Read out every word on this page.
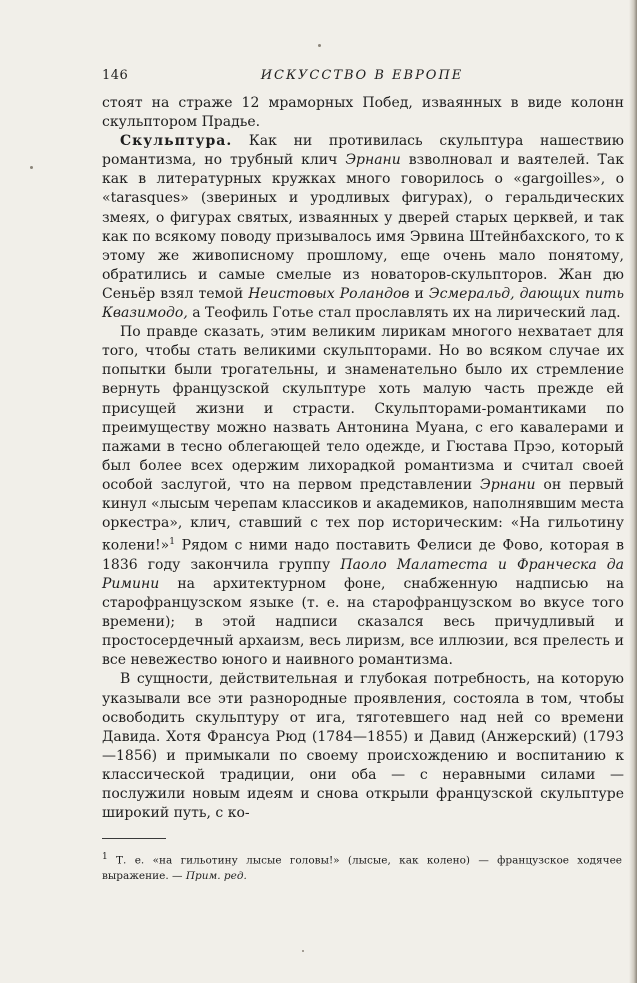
146	ИСКУССТВО В ЕВРОПЕ

стоят на страже 12 мраморных Побед, изваянных в виде колонн скульптором Прадье.

Скульптура. Как ни противилась скульптура нашествию романтизма, но трубный клич Эрнани взволновал и ваятелей. Так как в литературных кружках много говорилось о «gargoilles», о «tarasques» (звериных и уродливых фигурах), о геральдических змеях, о фигурах святых, изваянных у дверей старых церквей, и так как по всякому поводу призывалось имя Эрвина Штейнбахского, то к этому же живописному прошлому, еще очень мало понятому, обратились и самые смелые из новаторов-скульпторов. Жан дю Сеньёр взял темой Неистовых Роландов и Эсмеральд, дающих пить Квазимодо, а Теофиль Готье стал прославлять их на лирический лад.

По правде сказать, этим великим лирикам многого нехватает для того, чтобы стать великими скульпторами. Но во всяком случае их попытки были трогательны, и знаменательно было их стремление вернуть французской скульптуре хоть малую часть прежде ей присущей жизни и страсти. Скульпторами-романтиками по преимуществу можно назвать Антонина Муана, с его кавалерами и пажами в тесно облегающей тело одежде, и Гюстава Прэо, который был более всех одержим лихорадкой романтизма и считал своей особой заслугой, что на первом представлении Эрнани он первый кинул «лысым черепам классиков и академиков, наполнявшим места оркестра», клич, ставший с тех пор историческим: «На гильотину колени!»$^1$ Рядом с ними надо поставить Фелиси де Фово, которая в 1836 году закончила группу Паоло Малатеста и Франческа да Римини на архитектурном фоне, снабженную надписью на старофранцузском языке (т. е. на старофранцузском во вкусе того времени); в этой надписи сказался весь причудливый и простосердечный архаизм, весь лиризм, все иллюзии, вся прелесть и все невежество юного и наивного романтизма.

В сущности, действительная и глубокая потребность, на которую указывали все эти разнородные проявления, состояла в том, чтобы освободить скульптуру от ига, тяготевшего над ней со времени Давида. Хотя Франсуа Рюд (1784—1855) и Давид (Анжерский) (1793—1856) и примыкали по своему происхождению и воспитанию к классической традиции, они оба — с неравными силами — послужили новым идеям и снова открыли французской скульптуре широкий путь, с ко-

1 Т. е. «на гильотину лысые головы!» (лысые, как колено) — французское ходячее выражение. — Прим. ред.
